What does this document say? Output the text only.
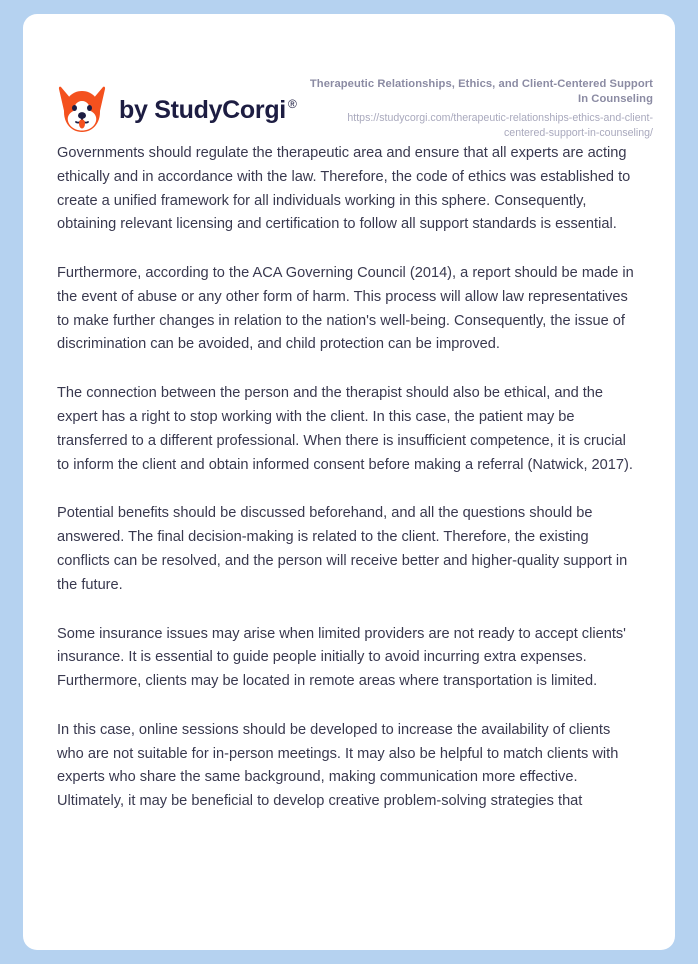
by StudyCorgi ®

Therapeutic Relationships, Ethics, and Client-Centered Support In Counseling

https://studycorgi.com/therapeutic-relationships-ethics-and-client-centered-support-in-counseling/

Governments should regulate the therapeutic area and ensure that all experts are acting ethically and in accordance with the law. Therefore, the code of ethics was established to create a unified framework for all individuals working in this sphere. Consequently, obtaining relevant licensing and certification to follow all support standards is essential.

Furthermore, according to the ACA Governing Council (2014), a report should be made in the event of abuse or any other form of harm. This process will allow law representatives to make further changes in relation to the nation's well-being. Consequently, the issue of discrimination can be avoided, and child protection can be improved.

The connection between the person and the therapist should also be ethical, and the expert has a right to stop working with the client. In this case, the patient may be transferred to a different professional. When there is insufficient competence, it is crucial to inform the client and obtain informed consent before making a referral (Natwick, 2017).

Potential benefits should be discussed beforehand, and all the questions should be answered. The final decision-making is related to the client. Therefore, the existing conflicts can be resolved, and the person will receive better and higher-quality support in the future.

Some insurance issues may arise when limited providers are not ready to accept clients' insurance. It is essential to guide people initially to avoid incurring extra expenses. Furthermore, clients may be located in remote areas where transportation is limited.

In this case, online sessions should be developed to increase the availability of clients who are not suitable for in-person meetings. It may also be helpful to match clients with experts who share the same background, making communication more effective. Ultimately, it may be beneficial to develop creative problem-solving strategies that
